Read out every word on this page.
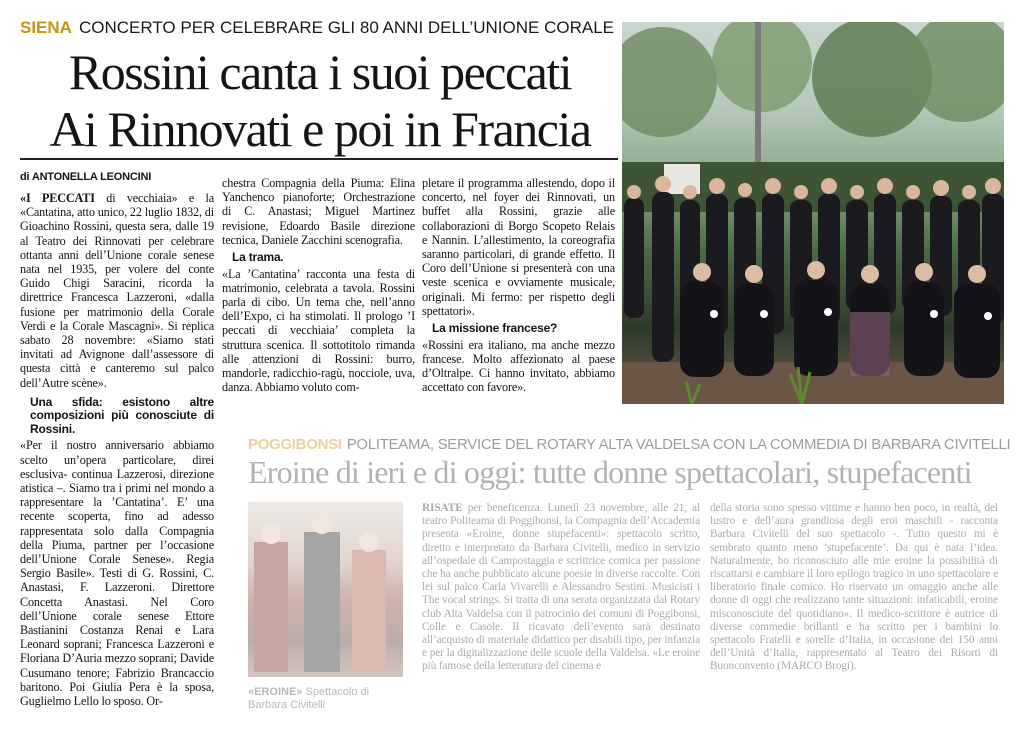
SIENA CONCERTO PER CELEBRARE GLI 80 ANNI DELL’UNIONE CORALE
Rossini canta i suoi peccati
Ai Rinnovati e poi in Francia
di ANTONELLA LEONCINI

«I PECCATI di vecchiaia» e la «Cantatina, atto unico, 22 luglio 1832, di Gioachino Rossini, questa sera, dalle 19 al Teatro dei Rinnovati per celebrare ottanta anni dell’Unione corale senese nata nel 1935, per volere del conte Guido Chigi Saracini, ricorda la direttrice Francesca Lazzeroni, «dalla fusione per matrimonio della Corale Verdi e la Corale Mascagni». Si replica sabato 28 novembre: «Siamo stati invitati ad Avignone dall’assessore di questa città e canteremo sul palco dell’Autre scène».

Una sfida: esistono altre composizioni più conosciute di Rossini.

«Per il nostro anniversario abbiamo scelto un’opera particolare, direi esclusiva- continua Lazzerosi, direzione atistica –. Siamo tra i primi nel mondo a rappresentare la ’Cantatina’. E’ una recente scoperta, fino ad adesso rappresentata solo dalla Compagnia della Piuma, partner per l’occasione dell’Unione Corale Senese». Regia Sergio Basile». Testi di G. Rossini, C. Anastasi, F. Lazzeroni. Direttore Concetta Anastasi. Nel Coro dell’Unione corale senese Ettore Bastianini Costanza Renai e Lara Leonard soprani; Francesca Lazzeroni e Floriana D’Auria mezzo soprani; Davide Cusumano tenore; Fabrizio Brancaccio baritono. Poi Giulia Pera è la sposa, Guglielmo Lello lo sposo. Or-

chestra Compagnia della Piuma: Elina Yanchenco pianoforte; Orchestrazione di C. Anastasi; Miguel Martinez revisione, Edoardo Basile direzione tecnica, Daniele Zacchini scenografia.

La trama.

«La ’Cantatina’ racconta una festa di matrimonio, celebrata a tavola. Rossini parla di cibo. Un tema che, nell’anno dell’Expo, ci ha stimolati. Il prologo ’I peccati di vecchiaia’ completa la struttura scenica. Il sottotitolo rimanda alle attenzioni di Rossini: burro, mandorle, radicchio-ragù, nocciole, uva, danza. Abbiamo voluto com-

pletare il programma allestendo, dopo il concerto, nel foyer dei Rinnovati, un buffet alla Rossini, grazie alle collaborazioni di Borgo Scopeto Relais e Nannin. L’allestimento, la coreografia saranno particolari, di grande effetto. Il Coro dell’Unione si presenterà con una veste scenica e ovviamente musicale, originali. Mi fermo: per rispetto degli spettatori».

La missione francese?

«Rossini era italiano, ma anche mezzo francese. Molto affezionato al paese d’Oltralpe. Ci hanno invitato, abbiamo accettato con favore».

POGGIBONSI POLITEAMA, SERVICE DEL ROTARY ALTA VALDELSA CON LA COMMEDIA DI BARBARA CIVITELLI
Eroine di ieri e di oggi: tutte donne spettacolari, stupefacenti
«EROINE» Spettacolo di Barbara Civitelli

RISATE per beneficenza. Lunedì 23 novembre, alle 21, al teatro Politeama di Poggibonsi, la Compagnia dell’Accademia presenta «Eroine, donne stupefacenti»: spettacolo scritto, diretto e interpretato da Barbara Civitelli, medico in servizio all’ospedale di Campostaggia e scrittrice comica per passione che ha anche pubblicato alcune poesie in diverse raccolte. Con lei sul palco Carla Vivarelli e Alessandro Sestini. Musicisti i The vocal strings. Si tratta di una serata organizzata dal Rotary club Alta Valdelsa con il patrocinio dei comuni di Poggibonsi, Colle e Casole. Il ricavato dell’evento sarà destinato all’acquisto di materiale didattico per disabili tipo, per infanzia e per la digitalizzazione delle scuole della Valdelsa. «Le eroine più famose della letteratura del cinema e

della storia sono spesso vittime e hanno ben poco, in realtà, del lustro e dell’aura grandiosa degli eroi maschili - racconta Barbara Civitelli del suo spettacolo -. Tutto questo mi è sembrato quanto meno ’stupefacente’. Da qui è nata l’idea. Naturalmente, ho riconosciuto alle mie eroine la possibilità di riscattarsi e cambiare il loro epilogo tragico in uno spettacolare e liberatorio finale comico. Ho riservato un omaggio anche alle donne di oggi che realizzano tante situazioni: infaticabili, eroine misconosciute del quotidiano». Il medico-scrittore è autrice di diverse commedie brillanti e ha scritto per i bambini lo spettacolo Fratelli e sorelle d’Italia, in occasione dei 150 anni dell’Unità d’Italia, rappresentato al Teatro dei Risorti di Buonconvento (MARCO Brogi).
